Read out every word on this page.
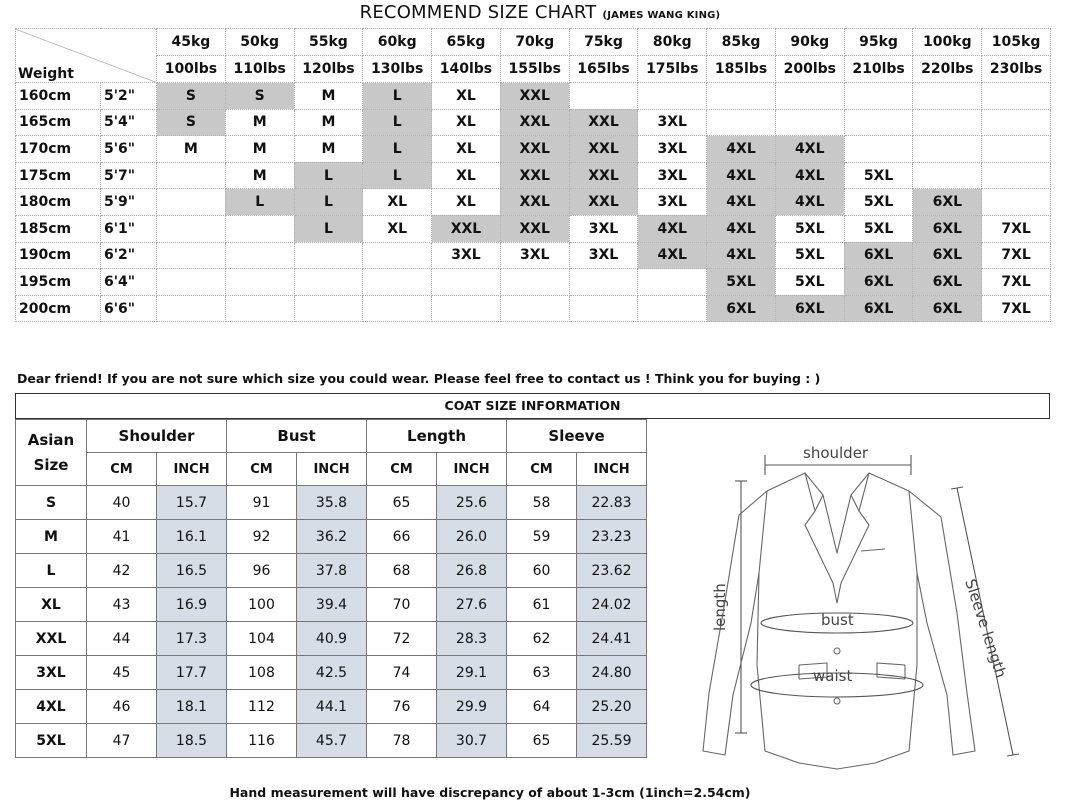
RECOMMEND SIZE CHART (JAMES WANG KING)
Weight		45kg	50kg	55kg	60kg	65kg	70kg	75kg	80kg	85kg	90kg	95kg	100kg	105kg
		100lbs	110lbs	120lbs	130lbs	140lbs	155lbs	165lbs	175lbs	185lbs	200lbs	210lbs	220lbs	230lbs
160cm	5'2"	S	S	M	L	XL	XXL							
165cm	5'4"	S	M	M	L	XL	XXL	XXL	3XL					
170cm	5'6"	M	M	M	L	XL	XXL	XXL	3XL	4XL	4XL			
175cm	5'7"		M	L	L	XL	XXL	XXL	3XL	4XL	4XL	5XL		
180cm	5'9"		L	L	XL	XL	XXL	XXL	3XL	4XL	4XL	5XL	6XL	
185cm	6'1"			L	XL	XXL	XXL	3XL	4XL	4XL	5XL	5XL	6XL	7XL
190cm	6'2"					3XL	3XL	3XL	4XL	4XL	5XL	6XL	6XL	7XL
195cm	6'4"									5XL	5XL	6XL	6XL	7XL
200cm	6'6"									6XL	6XL	6XL	6XL	7XL
Dear friend! If you are not sure which size you could wear. Please feel free to contact us ! Think you for buying : )
COAT SIZE INFORMATION
Asian
Size	Shoulder		Bust		Length		Sleeve	
	CM	INCH	CM	INCH	CM	INCH	CM	INCH
S	40	15.7	91	35.8	65	25.6	58	22.83
M	41	16.1	92	36.2	66	26.0	59	23.23
L	42	16.5	96	37.8	68	26.8	60	23.62
XL	43	16.9	100	39.4	70	27.6	61	24.02
XXL	44	17.3	104	40.9	72	28.3	62	24.41
3XL	45	17.7	108	42.5	74	29.1	63	24.80
4XL	46	18.1	112	44.1	76	29.9	64	25.20
5XL	47	18.5	116	45.7	78	30.7	65	25.59
shoulder
length	bust
waist	Sleeve length
Hand measurement will have discrepancy of about 1-3cm (1inch=2.54cm)
